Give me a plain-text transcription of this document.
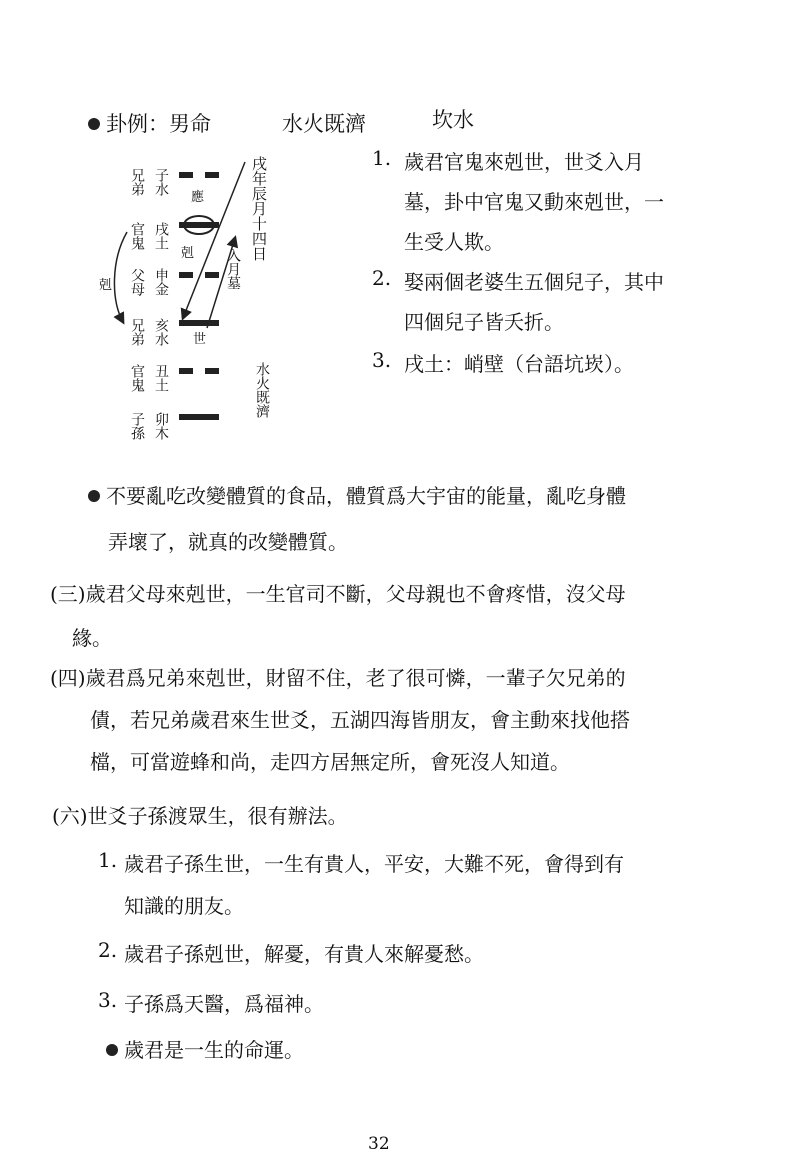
卦例：男命	水火既濟	坎水
兄弟 子水
應
官鬼 戌土
剋
父母 申金
兄弟 亥水 世
官鬼 丑土
子孫 卯木
剋
戌年辰月十四日
入月墓
水火既濟
1. 歲君官鬼來剋世，世爻入月
墓，卦中官鬼又動來剋世，一
生受人欺。
2. 娶兩個老婆生五個兒子，其中
四個兒子皆夭折。
3. 戌土：峭壁（台語坑崁）。
不要亂吃改變體質的食品，體質爲大宇宙的能量，亂吃身體
弄壞了，就真的改變體質。
(三)歲君父母來剋世，一生官司不斷，父母親也不會疼惜，沒父母
緣。
(四)歲君爲兄弟來剋世，財留不住，老了很可憐，一輩子欠兄弟的
債，若兄弟歲君來生世爻，五湖四海皆朋友，會主動來找他搭
檔，可當遊蜂和尚，走四方居無定所，會死沒人知道。
(六)世爻子孫渡眾生，很有辦法。
1. 歲君子孫生世，一生有貴人，平安，大難不死，會得到有
知識的朋友。
2. 歲君子孫剋世，解憂，有貴人來解憂愁。
3. 子孫爲天醫，爲福神。
歲君是一生的命運。
32
